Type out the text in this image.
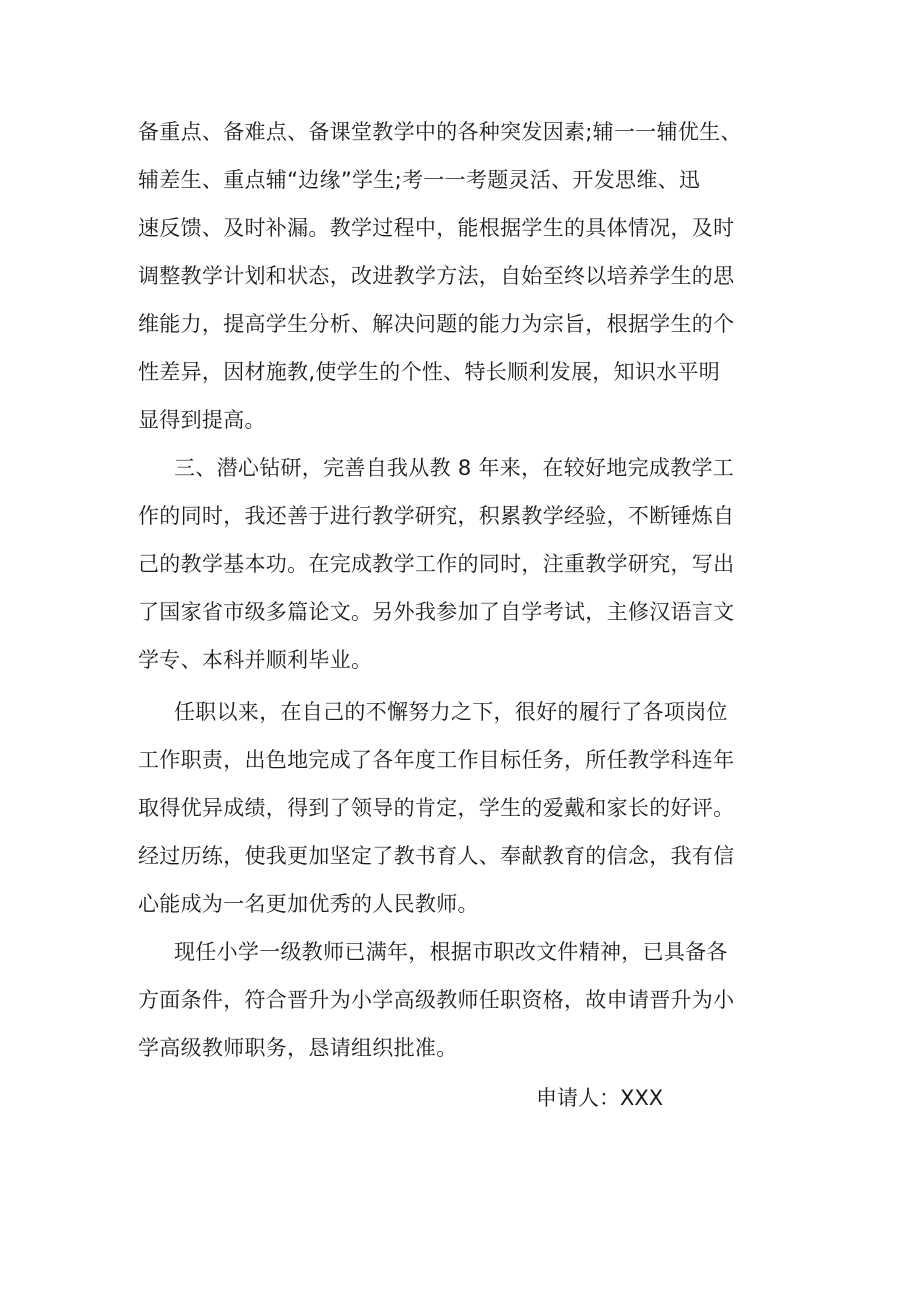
备重点、备难点、备课堂教学中的各种突发因素;辅一一辅优生、
辅差生、重点辅“边缘”学生;考一一考题灵活、开发思维、迅
速反馈、及时补漏。教学过程中，能根据学生的具体情况，及时
调整教学计划和状态，改进教学方法，自始至终以培养学生的思
维能力，提高学生分析、解决问题的能力为宗旨，根据学生的个
性差异，因材施教,使学生的个性、特长顺利发展，知识水平明
显得到提高。
三、潜心钻研，完善自我从教 8 年来，在较好地完成教学工
作的同时，我还善于进行教学研究，积累教学经验，不断锤炼自
己的教学基本功。在完成教学工作的同时，注重教学研究，写出
了国家省市级多篇论文。另外我参加了自学考试，主修汉语言文
学专、本科并顺利毕业。
任职以来，在自己的不懈努力之下，很好的履行了各项岗位
工作职责，出色地完成了各年度工作目标任务，所任教学科连年
取得优异成绩，得到了领导的肯定，学生的爱戴和家长的好评。
经过历练，使我更加坚定了教书育人、奉献教育的信念，我有信
心能成为一名更加优秀的人民教师。
现任小学一级教师已满年，根据市职改文件精神，已具备各
方面条件，符合晋升为小学高级教师任职资格，故申请晋升为小
学高级教师职务，恳请组织批准。
申请人：XXX
